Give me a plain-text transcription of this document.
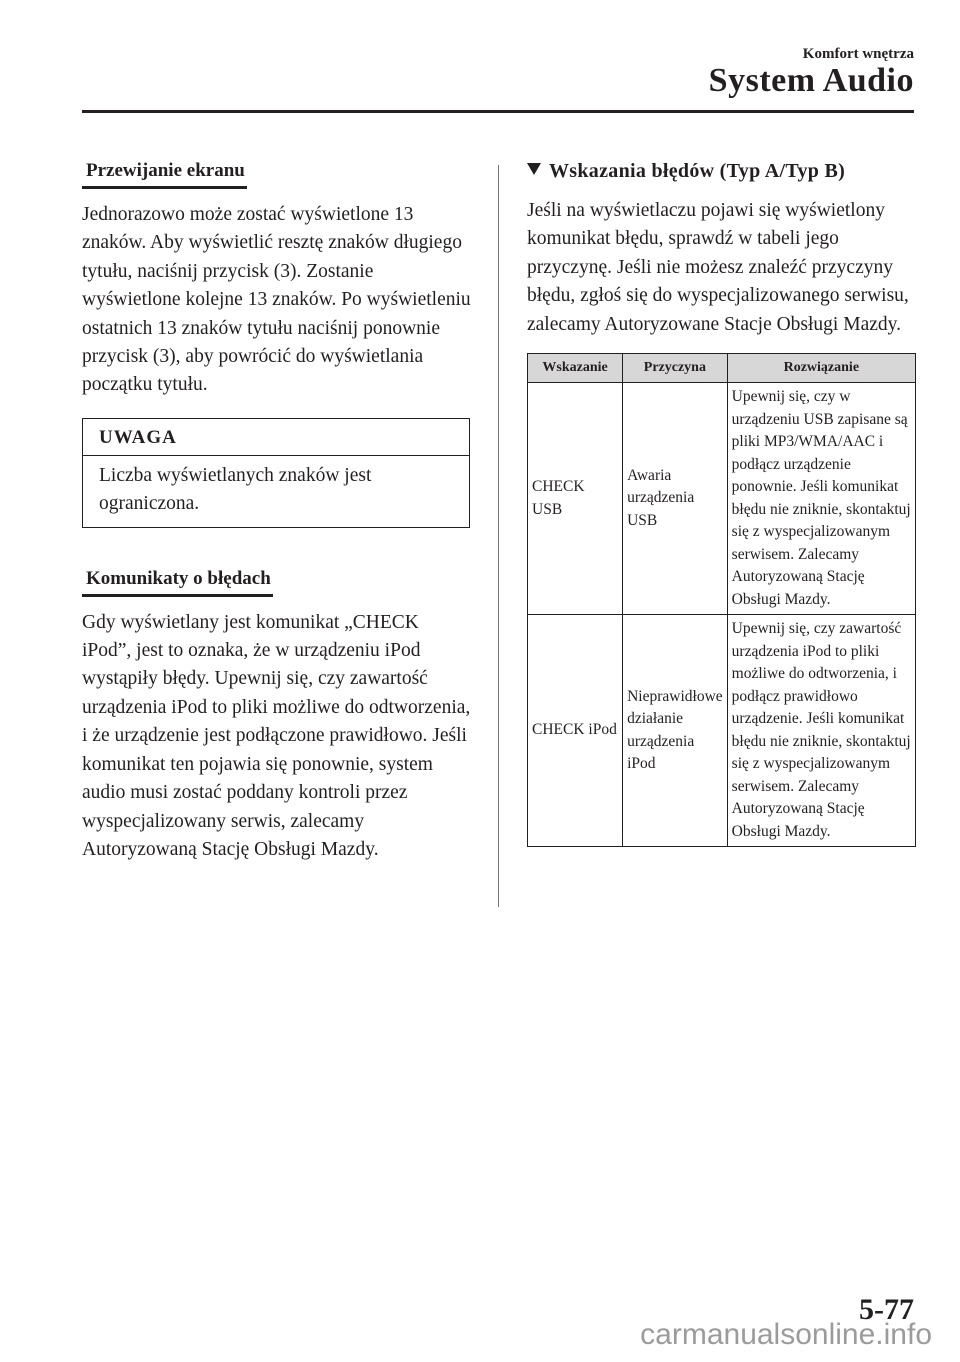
Komfort wnętrza
System Audio
Przewijanie ekranu
Jednorazowo może zostać wyświetlone 13 znaków. Aby wyświetlić resztę znaków długiego tytułu, naciśnij przycisk (3). Zostanie wyświetlone kolejne 13 znaków. Po wyświetleniu ostatnich 13 znaków tytułu naciśnij ponownie przycisk (3), aby powrócić do wyświetlania początku tytułu.
UWAGA
Liczba wyświetlanych znaków jest ograniczona.
Komunikaty o błędach
Gdy wyświetlany jest komunikat „CHECK iPod”, jest to oznaka, że w urządzeniu iPod wystąpiły błędy. Upewnij się, czy zawartość urządzenia iPod to pliki możliwe do odtworzenia, i że urządzenie jest podłączone prawidłowo. Jeśli komunikat ten pojawia się ponownie, system audio musi zostać poddany kontroli przez wyspecjalizowany serwis, zalecamy Autoryzowaną Stację Obsługi Mazdy.
Wskazania błędów (Typ A/Typ B)
Jeśli na wyświetlaczu pojawi się wyświetlony komunikat błędu, sprawdź w tabeli jego przyczynę. Jeśli nie możesz znaleźć przyczyny błędu, zgłoś się do wyspecjalizowanego serwisu, zalecamy Autoryzowane Stacje Obsługi Mazdy.
Wskazanie	Przyczyna	Rozwiązanie
CHECK USB	Awaria urządzenia USB	Upewnij się, czy w urządzeniu USB zapisane są pliki MP3/WMA/AAC i podłącz urządzenie ponownie. Jeśli komunikat błędu nie zniknie, skontaktuj się z wyspecjalizowanym serwisem. Zalecamy Autoryzowaną Stację Obsługi Mazdy.
CHECK iPod	Nieprawidłowe działanie urządzenia iPod	Upewnij się, czy zawartość urządzenia iPod to pliki możliwe do odtworzenia, i podłącz prawidłowo urządzenie. Jeśli komunikat błędu nie zniknie, skontaktuj się z wyspecjalizowanym serwisem. Zalecamy Autoryzowaną Stację Obsługi Mazdy.
5-77
carmanualsonline.info
